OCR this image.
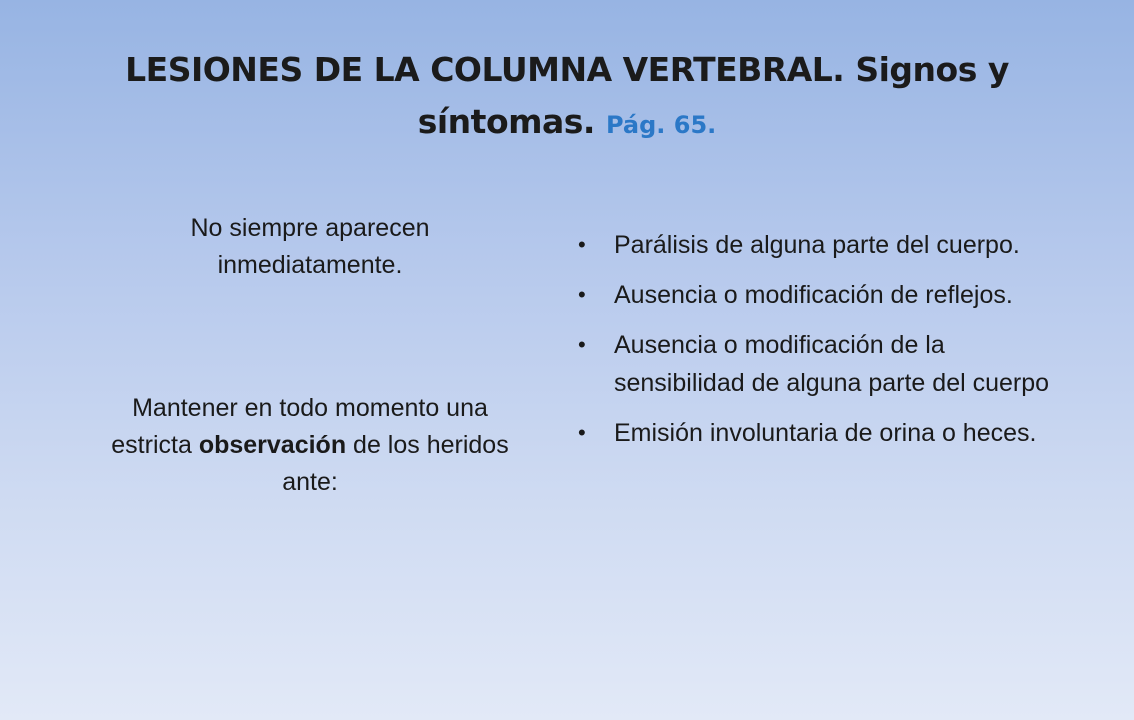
LESIONES DE LA COLUMNA VERTEBRAL. Signos y síntomas. Pág. 65.
No siempre aparecen inmediatamente.
Mantener en todo momento una estricta observación de los heridos ante:
• Parálisis de alguna parte del cuerpo.
• Ausencia o modificación de reflejos.
• Ausencia o modificación de la sensibilidad de alguna parte del cuerpo
• Emisión involuntaria de orina o heces.
